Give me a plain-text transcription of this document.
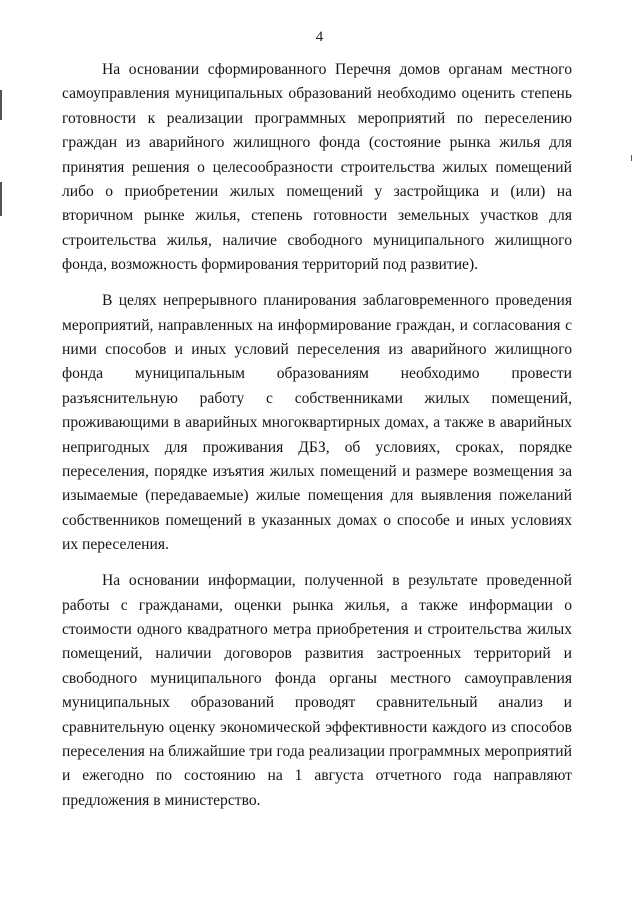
4

На основании сформированного Перечня домов органам местного самоуправления муниципальных образований необходимо оценить степень готовности к реализации программных мероприятий по переселению граждан из аварийного жилищного фонда (состояние рынка жилья для принятия решения о целесообразности строительства жилых помещений либо о приобретении жилых помещений у застройщика и (или) на вторичном рынке жилья, степень готовности земельных участков для строительства жилья, наличие свободного муниципального жилищного фонда, возможность формирования территорий под развитие).

В целях непрерывного планирования заблаговременного проведения мероприятий, направленных на информирование граждан, и согласования с ними способов и иных условий переселения из аварийного жилищного фонда муниципальным образованиям необходимо провести разъяснительную работу с собственниками жилых помещений, проживающими в аварийных многоквартирных домах, а также в аварийных непригодных для проживания ДБЗ, об условиях, сроках, порядке переселения, порядке изъятия жилых помещений и размере возмещения за изымаемые (передаваемые) жилые помещения для выявления пожеланий собственников помещений в указанных домах о способе и иных условиях их переселения.

На основании информации, полученной в результате проведенной работы с гражданами, оценки рынка жилья, а также информации о стоимости одного квадратного метра приобретения и строительства жилых помещений, наличии договоров развития застроенных территорий и свободного муниципального фонда органы местного самоуправления муниципальных образований проводят сравнительный анализ и сравнительную оценку экономической эффективности каждого из способов переселения на ближайшие три года реализации программных мероприятий и ежегодно по состоянию на 1 августа отчетного года направляют предложения в министерство.
